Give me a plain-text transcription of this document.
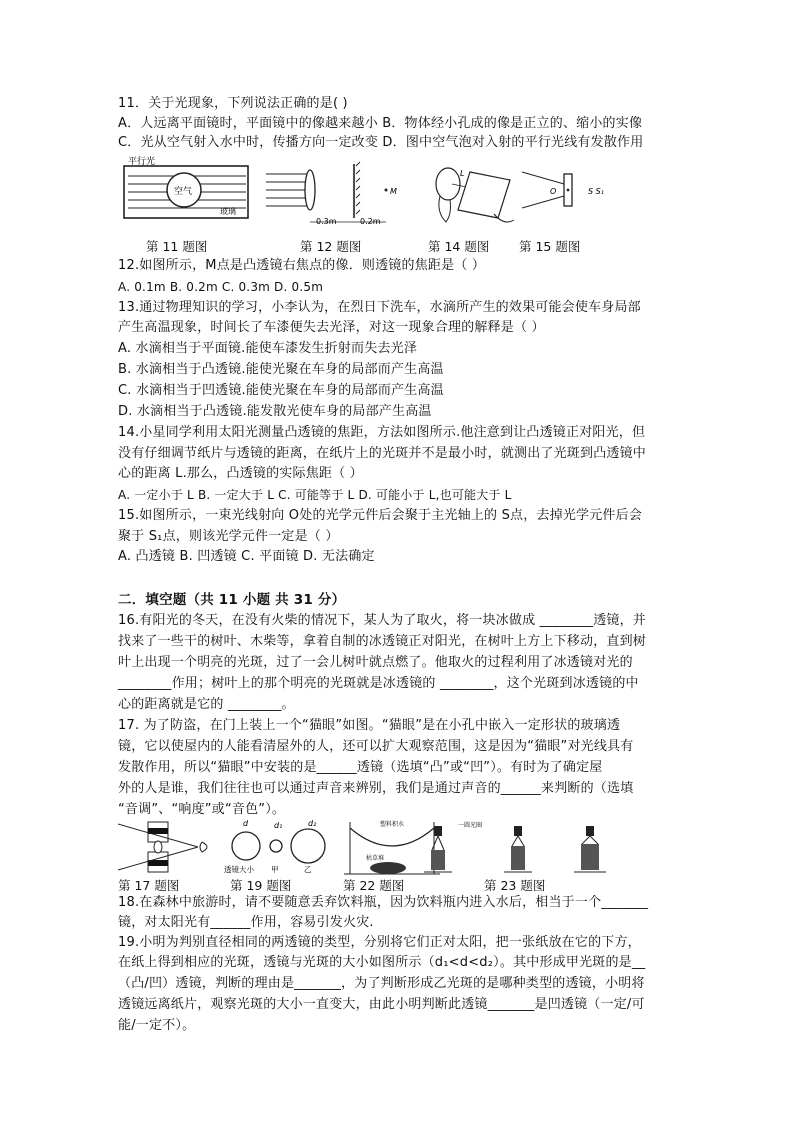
11．关于光现象，下列说法正确的是( )
A．人远离平面镜时，平面镜中的像越来越小 B．物体经小孔成的像是正立的、缩小的实像
C．光从空气射入水中时，传播方向一定改变 D．图中空气泡对入射的平行光线有发散作用
平行光
空气
玻璃
M
0.3m	0.2m
L
O	S S₁
第 11 题图	第 12 题图	第 14 题图 第 15 题图
12.如图所示，M点是凸透镜右焦点的像．则透镜的焦距是（ ）
A. 0.1m B. 0.2m C. 0.3m D. 0.5m
13.通过物理知识的学习，小李认为，在烈日下洗车，水滴所产生的效果可能会使车身局部
产生高温现象，时间长了车漆便失去光泽，对这一现象合理的解释是（ ）
A. 水滴相当于平面镜.能使车漆发生折射而失去光泽
B. 水滴相当于凸透镜.能使光聚在车身的局部而产生高温
C. 水滴相当于凹透镜.能使光聚在车身的局部而产生高温
D. 水滴相当于凸透镜.能发散光使车身的局部产生高温
14.小星同学利用太阳光测量凸透镜的焦距，方法如图所示.他注意到让凸透镜正对阳光，但
没有仔细调节纸片与透镜的距离，在纸片上的光斑并不是最小时，就测出了光斑到凸透镜中
心的距离 L.那么，凸透镜的实际焦距（ ）
A. 一定小于 L B. 一定大于 L C. 可能等于 L D. 可能小于 L,也可能大于 L
15.如图所示，一束光线射向 O处的光学元件后会聚于主光轴上的 S点，去掉光学元件后会
聚于 S₁点，则该光学元件一定是（ ）
A. 凸透镜 B. 凹透镜 C. 平面镜 D. 无法确定
二．填空题（共 11 小题 共 31 分）
16.有阳光的冬天，在没有火柴的情况下，某人为了取火，将一块冰做成 ________透镜，并
找来了一些干的树叶、木柴等，拿着自制的冰透镜正对阳光，在树叶上方上下移动，直到树
叶上出现一个明亮的光斑，过了一会儿树叶就点燃了。他取火的过程利用了冰透镜对光的
________作用；树叶上的那个明亮的光斑就是冰透镜的 ________，这个光斑到冰透镜的中
心的距离就是它的 ________。
17. 为了防盗，在门上装上一个“猫眼”如图。“猫眼”是在小孔中嵌入一定形状的玻璃透
镜，它以使屋内的人能看清屋外的人，还可以扩大观察范围，这是因为“猫眼”对光线具有
发散作用，所以“猫眼”中安装的是______透镜（选填“凸”或“凹”）。有时为了确定屋
外的人是谁，我们往往也可以通过声音来辨别，我们是通过声音的______来判断的（选填
“音调”、“响度”或“音色”）。
d	d₁	d₂
透镜大小 甲	乙
塑料积水
枯草堆
一圆光圈
第 17 题图	第 19 题图	第 22 题图	第 23 题图
18.在森林中旅游时，请不要随意丢弃饮料瓶，因为饮料瓶内进入水后，相当于一个_______
镜，对太阳光有______作用，容易引发火灾.
19.小明为判别直径相同的两透镜的类型，分别将它们正对太阳，把一张纸放在它的下方，
在纸上得到相应的光斑，透镜与光斑的大小如图所示（d₁<d<d₂）。其中形成甲光斑的是__
（凸/凹）透镜，判断的理由是_______，为了判断形成乙光斑的是哪种类型的透镜，小明将
透镜远离纸片，观察光斑的大小一直变大，由此小明判断此透镜_______是凹透镜（一定/可
能/一定不）。
